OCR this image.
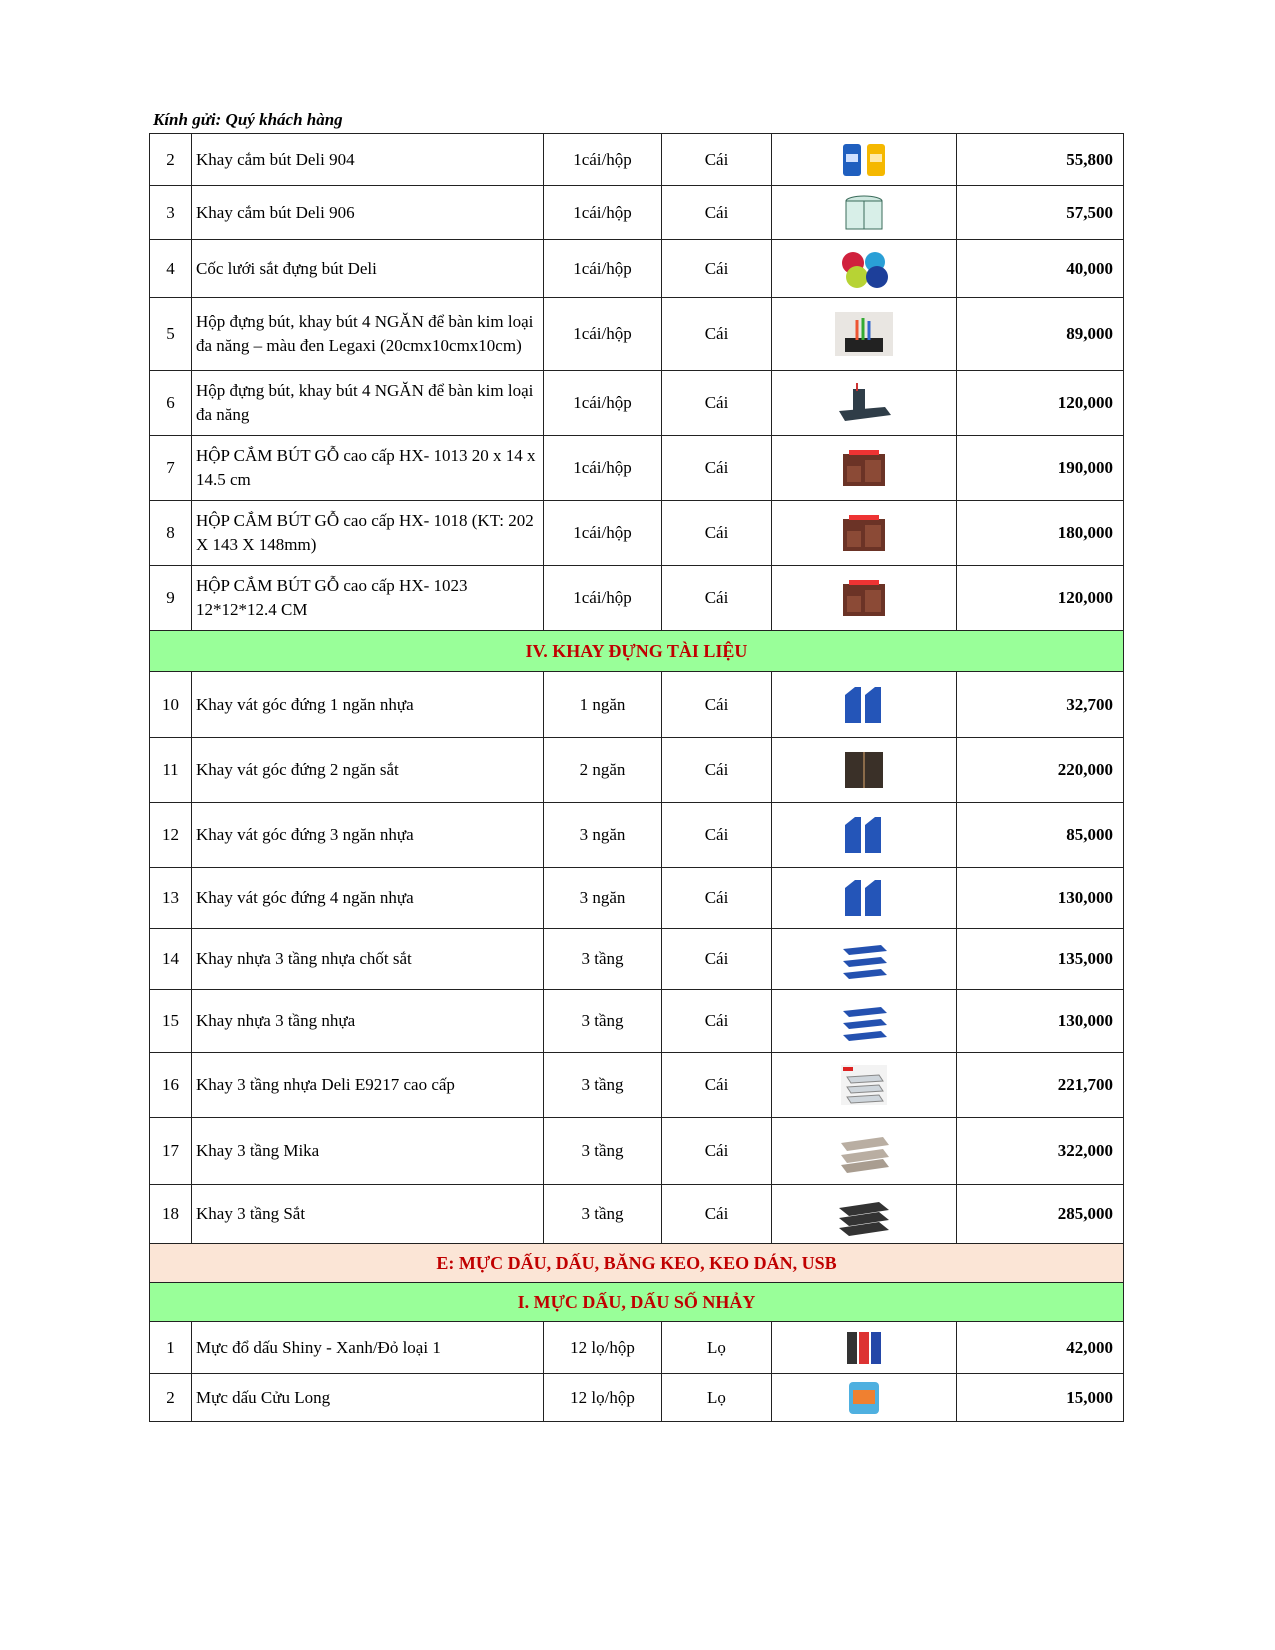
Kính gửi: Quý khách hàng
2	Khay cắm bút Deli 904	1cái/hộp	Cái		55,800
3	Khay cắm bút Deli 906	1cái/hộp	Cái		57,500
4	Cốc lưới sắt đựng bút Deli	1cái/hộp	Cái		40,000
5	Hộp đựng bút, khay bút 4 NGĂN để bàn kim loại đa năng – màu đen Legaxi (20cmx10cmx10cm)	1cái/hộp	Cái		89,000
6	Hộp đựng bút, khay bút 4 NGĂN để bàn kim loại đa năng	1cái/hộp	Cái		120,000
7	HỘP CẮM BÚT GỖ cao cấp HX- 1013 20 x 14 x 14.5 cm	1cái/hộp	Cái		190,000
8	HỘP CẮM BÚT GỖ cao cấp HX- 1018 (KT: 202 X 143 X 148mm)	1cái/hộp	Cái		180,000
9	HỘP CẮM BÚT GỖ cao cấp HX- 1023 12*12*12.4 CM	1cái/hộp	Cái		120,000
IV. KHAY ĐỰNG TÀI LIỆU					
10	Khay vát góc đứng 1 ngăn nhựa	1 ngăn	Cái		32,700
11	Khay vát góc đứng 2 ngăn sắt	2 ngăn	Cái		220,000
12	Khay vát góc đứng 3 ngăn nhựa	3 ngăn	Cái		85,000
13	Khay vát góc đứng 4 ngăn nhựa	3 ngăn	Cái		130,000
14	Khay nhựa 3 tầng nhựa chốt sắt	3 tầng	Cái		135,000
15	Khay nhựa 3 tầng nhựa	3 tầng	Cái		130,000
16	Khay 3 tầng nhựa Deli E9217 cao cấp	3 tầng	Cái		221,700
17	Khay 3 tầng Mika	3 tầng	Cái		322,000
18	Khay 3 tầng Sắt	3 tầng	Cái		285,000
E: MỰC DẤU, DẤU, BĂNG KEO, KEO DÁN, USB					
I. MỰC DẤU, DẤU SỐ NHẢY					
1	Mực đổ dấu Shiny - Xanh/Đỏ loại 1	12 lọ/hộp	Lọ		42,000
2	Mực dấu Cửu Long	12 lọ/hộp	Lọ		15,000
